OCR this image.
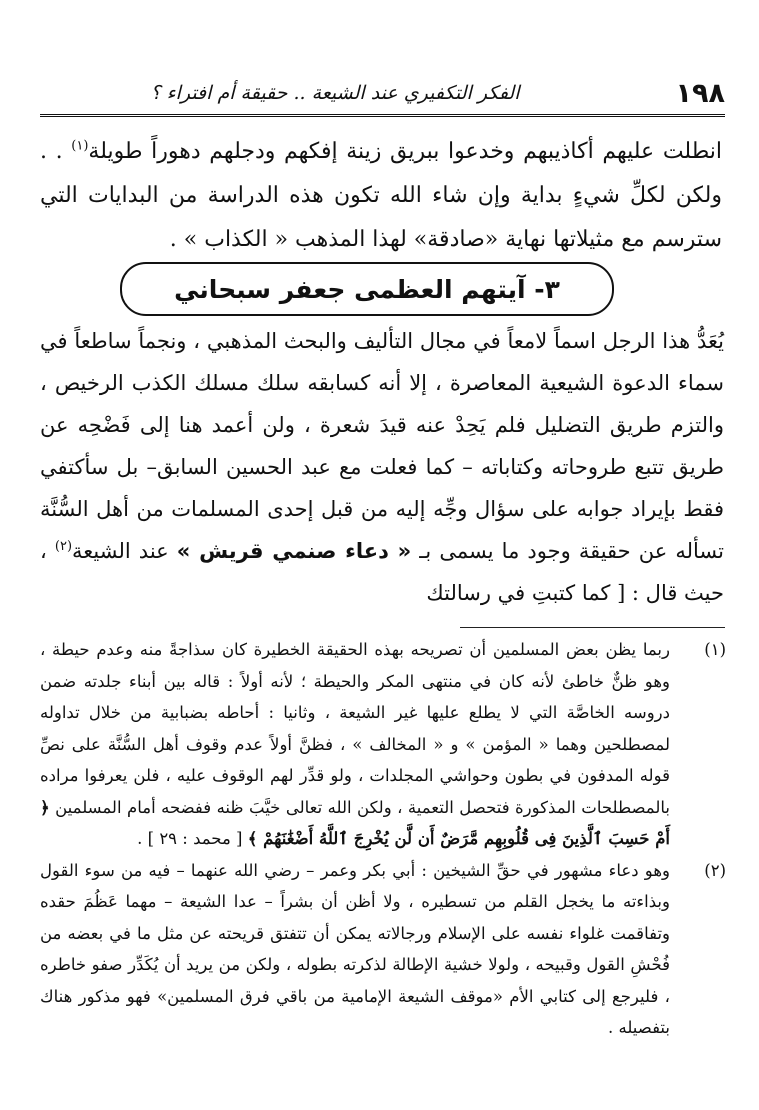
١٩٨
الفكر التكفيري عند الشيعة .. حقيقة أم افتراء ؟

انطلت عليهم أكاذيبهم وخدعوا ببريق زينة إفكهم ودجلهم دهوراً طويلة$^{(١)}$ . . ولكن لكلِّ شيءٍ بداية وإن شاء الله تكون هذه الدراسة من البدايات التي سترسم مع مثيلاتها نهاية «صادقة» لهذا المذهب « الكذاب » .

٣- آيتهم العظمى جعفر سبحاني

يُعَدُّ هذا الرجل اسماً لامعاً في مجال التأليف والبحث المذهبي ، ونجماً ساطعاً في سماء الدعوة الشيعية المعاصرة ، إلا أنه كسابقه سلك مسلك الكذب الرخيص ، والتزم طريق التضليل فلم يَحِدْ عنه قيدَ شعرة ، ولن أعمد هنا إلى فَضْحِه عن طريق تتبع طروحاته وكتاباته – كما فعلت مع عبد الحسين السابق– بل سأكتفي فقط بإيراد جوابه على سؤال وجِّه إليه من قبل إحدى المسلمات من أهل السُّنَّة تسأله عن حقيقة وجود ما يسمى بـ « دعاء صنمي قريش » عند الشيعة$^{(٢)}$ ، حيث قال : [ كما كتبتِ في رسالتك

(١)
ربما يظن بعض المسلمين أن تصريحه بهذه الحقيقة الخطيرة كان سذاجةً منه وعدم حيطة ، وهو ظنٌّ خاطئ لأنه كان في منتهى المكر والحيطة ؛ لأنه أولاً : قاله بين أبناء جلدته ضمن دروسه الخاصَّة التي لا يطلع عليها غير الشيعة ، وثانيا : أحاطه بضبابية من خلال تداوله لمصطلحين وهما « المؤمن » و « المخالف » ، فظنَّ أولاً عدم وقوف أهل السُّنَّة على نصِّ قوله المدفون في بطون وحواشي المجلدات ، ولو قدِّر لهم الوقوف عليه ، فلن يعرفوا مراده بالمصطلحات المذكورة فتحصل التعمية ، ولكن الله تعالى خيَّبَ ظنه ففضحه أمام المسلمين ﴿ أَمْ حَسِبَ ٱلَّذِينَ فِى قُلُوبِهِم مَّرَضٌ أَن لَّن يُخْرِجَ ٱللَّهُ أَضْغَٰنَهُمْ ﴾ [ محمد : ٢٩ ] .
(٢)
وهو دعاء مشهور في حقِّ الشيخين : أبي بكر وعمر – رضي الله عنهما – فيه من سوء القول وبذاءته ما يخجل القلم من تسطيره ، ولا أظن أن بشراً – عدا الشيعة – مهما عَظُمَ حقده وتفاقمت غلواء نفسه على الإسلام ورجالاته يمكن أن تتفتق قريحته عن مثل ما في بعضه من فُحْشِ القول وقبيحه ، ولولا خشية الإطالة لذكرته بطوله ، ولكن من يريد أن يُكَدِّر صفو خاطره ، فليرجع إلى كتابي الأم «موقف الشيعة الإمامية من باقي فرق المسلمين» فهو مذكور هناك بتفصيله .
